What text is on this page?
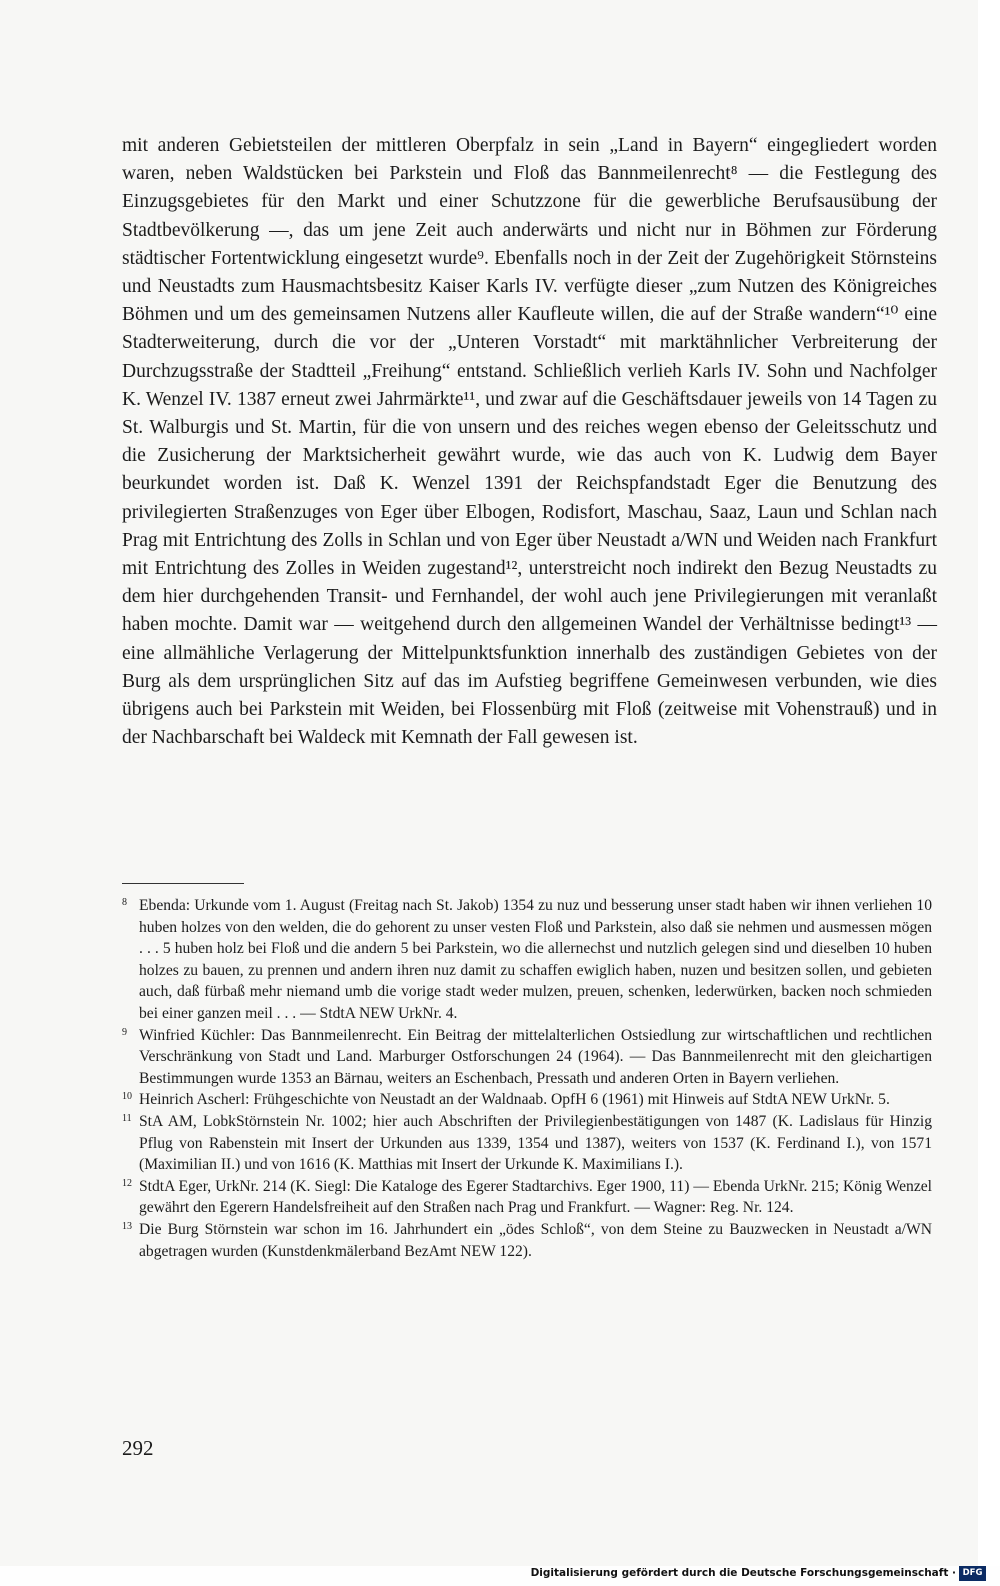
mit anderen Gebietsteilen der mittleren Oberpfalz in sein „Land in Bayern“ eingegliedert worden waren, neben Waldstücken bei Parkstein und Floß das Bannmeilenrecht⁸ — die Festlegung des Einzugsgebietes für den Markt und einer Schutzzone für die gewerbliche Berufsausübung der Stadtbevölkerung —, das um jene Zeit auch anderwärts und nicht nur in Böhmen zur Förderung städtischer Fortentwicklung eingesetzt wurde⁹. Ebenfalls noch in der Zeit der Zugehörigkeit Störnsteins und Neustadts zum Hausmachtsbesitz Kaiser Karls IV. verfügte dieser „zum Nutzen des Königreiches Böhmen und um des gemeinsamen Nutzens aller Kaufleute willen, die auf der Straße wandern“¹⁰ eine Stadterweiterung, durch die vor der „Unteren Vorstadt“ mit marktähnlicher Verbreiterung der Durchzugsstraße der Stadtteil „Freihung“ entstand. Schließlich verlieh Karls IV. Sohn und Nachfolger K. Wenzel IV. 1387 erneut zwei Jahrmärkte¹¹, und zwar auf die Geschäftsdauer jeweils von 14 Tagen zu St. Walburgis und St. Martin, für die von unsern und des reiches wegen ebenso der Geleitsschutz und die Zusicherung der Marktsicherheit gewährt wurde, wie das auch von K. Ludwig dem Bayer beurkundet worden ist. Daß K. Wenzel 1391 der Reichspfandstadt Eger die Benutzung des privilegierten Straßenzuges von Eger über Elbogen, Rodisfort, Maschau, Saaz, Laun und Schlan nach Prag mit Entrichtung des Zolls in Schlan und von Eger über Neustadt a/WN und Weiden nach Frankfurt mit Entrichtung des Zolles in Weiden zugestand¹², unterstreicht noch indirekt den Bezug Neustadts zu dem hier durchgehenden Transit- und Fernhandel, der wohl auch jene Privilegierungen mit veranlaßt haben mochte. Damit war — weitgehend durch den allgemeinen Wandel der Verhältnisse bedingt¹³ — eine allmähliche Verlagerung der Mittelpunktsfunktion innerhalb des zuständigen Gebietes von der Burg als dem ursprünglichen Sitz auf das im Aufstieg begriffene Gemeinwesen verbunden, wie dies übrigens auch bei Parkstein mit Weiden, bei Flossenbürg mit Floß (zeitweise mit Vohenstrauß) und in der Nachbarschaft bei Waldeck mit Kemnath der Fall gewesen ist.

8 Ebenda: Urkunde vom 1. August (Freitag nach St. Jakob) 1354 zu nuz und besserung unser stadt haben wir ihnen verliehen 10 huben holzes von den welden, die do gehorent zu unser vesten Floß und Parkstein, also daß sie nehmen und ausmessen mögen . . . 5 huben holz bei Floß und die andern 5 bei Parkstein, wo die allernechst und nutzlich gelegen sind und dieselben 10 huben holzes zu bauen, zu prennen und andern ihren nuz damit zu schaffen ewiglich haben, nuzen und besitzen sollen, und gebieten auch, daß fürbaß mehr niemand umb die vorige stadt weder mulzen, preuen, schenken, lederwürken, backen noch schmieden bei einer ganzen meil . . . — StdtA NEW UrkNr. 4.

9 Winfried Küchler: Das Bannmeilenrecht. Ein Beitrag der mittelalterlichen Ostsiedlung zur wirtschaftlichen und rechtlichen Verschränkung von Stadt und Land. Marburger Ostforschungen 24 (1964). — Das Bannmeilenrecht mit den gleichartigen Bestimmungen wurde 1353 an Bärnau, weiters an Eschenbach, Pressath und anderen Orten in Bayern verliehen.

10 Heinrich Ascherl: Frühgeschichte von Neustadt an der Waldnaab. OpfH 6 (1961) mit Hinweis auf StdtA NEW UrkNr. 5.

11 StA AM, LobkStörnstein Nr. 1002; hier auch Abschriften der Privilegienbestätigungen von 1487 (K. Ladislaus für Hinzig Pflug von Rabenstein mit Insert der Urkunden aus 1339, 1354 und 1387), weiters von 1537 (K. Ferdinand I.), von 1571 (Maximilian II.) und von 1616 (K. Matthias mit Insert der Urkunde K. Maximilians I.).

12 StdtA Eger, UrkNr. 214 (K. Siegl: Die Kataloge des Egerer Stadtarchivs. Eger 1900, 11) — Ebenda UrkNr. 215; König Wenzel gewährt den Egerern Handelsfreiheit auf den Straßen nach Prag und Frankfurt. — Wagner: Reg. Nr. 124.

13 Die Burg Störnstein war schon im 16. Jahrhundert ein „ödes Schloß“, von dem Steine zu Bauzwecken in Neustadt a/WN abgetragen wurden (Kunstdenkmälerband BezAmt NEW 122).

292
Digitalisierung gefördert durch die Deutsche Forschungsgemeinschaft · DFG
